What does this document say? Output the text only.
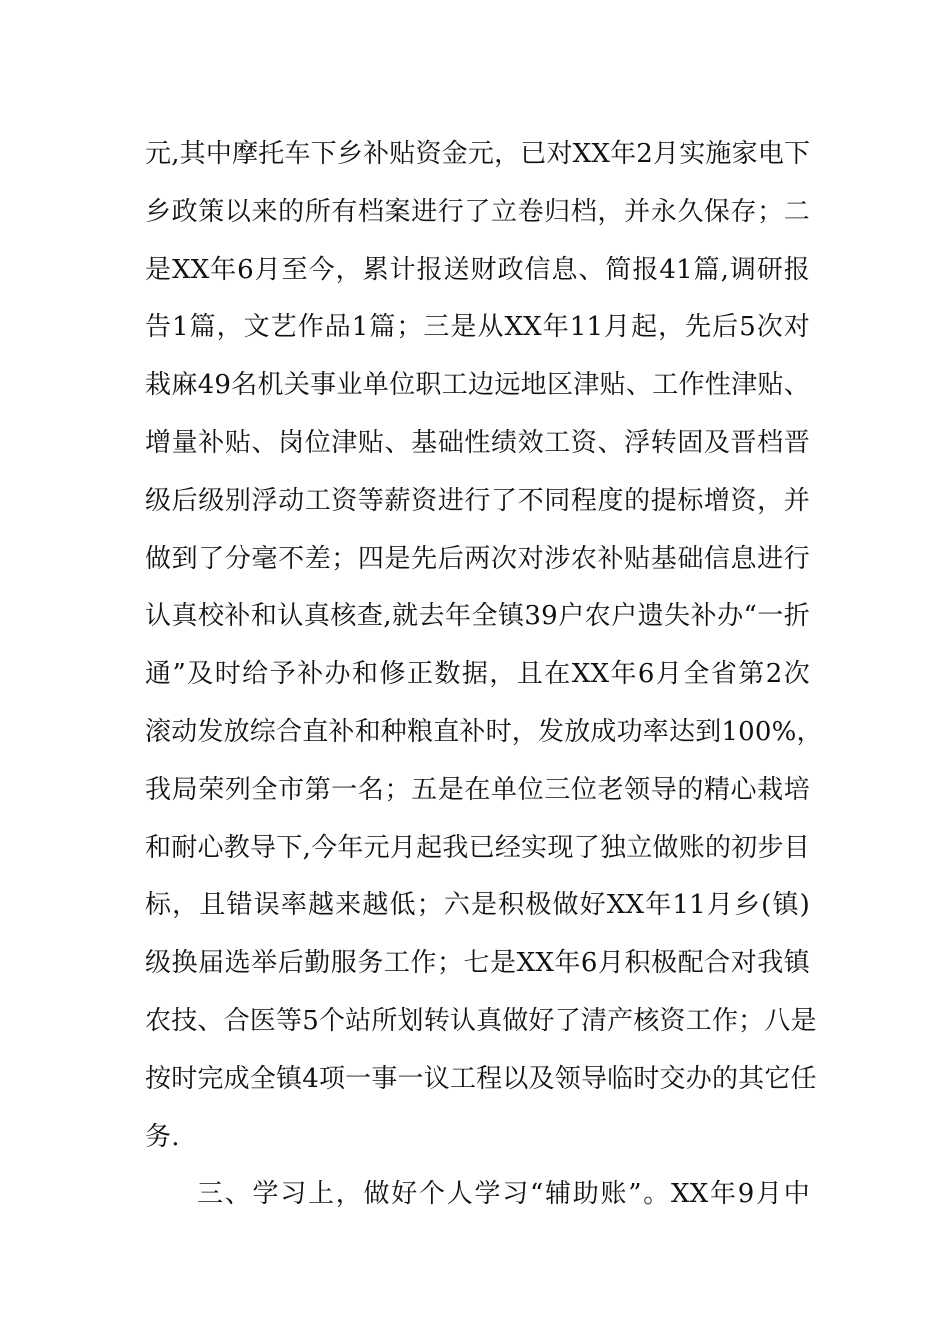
元,其中摩托车下乡补贴资金元，已对XX年2月实施家电下
乡政策以来的所有档案进行了立卷归档，并永久保存；二
是XX年6月至今，累计报送财政信息、简报41篇,调研报
告1篇，文艺作品1篇；三是从XX年11月起，先后5次对
栽麻49名机关事业单位职工边远地区津贴、工作性津贴、
增量补贴、岗位津贴、基础性绩效工资、浮转固及晋档晋
级后级别浮动工资等薪资进行了不同程度的提标增资，并
做到了分毫不差；四是先后两次对涉农补贴基础信息进行
认真校补和认真核查,就去年全镇39户农户遗失补办“一折
通”及时给予补办和修正数据，且在XX年6月全省第2次
滚动发放综合直补和种粮直补时，发放成功率达到100%，
我局荣列全市第一名；五是在单位三位老领导的精心栽培
和耐心教导下,今年元月起我已经实现了独立做账的初步目
标，且错误率越来越低；六是积极做好XX年11月乡(镇)
级换届选举后勤服务工作；七是XX年6月积极配合对我镇
农技、合医等5个站所划转认真做好了清产核资工作；八是
按时完成全镇4项一事一议工程以及领导临时交办的其它任
务.
三、学习上，做好个人学习“辅助账”。XX年9月中
